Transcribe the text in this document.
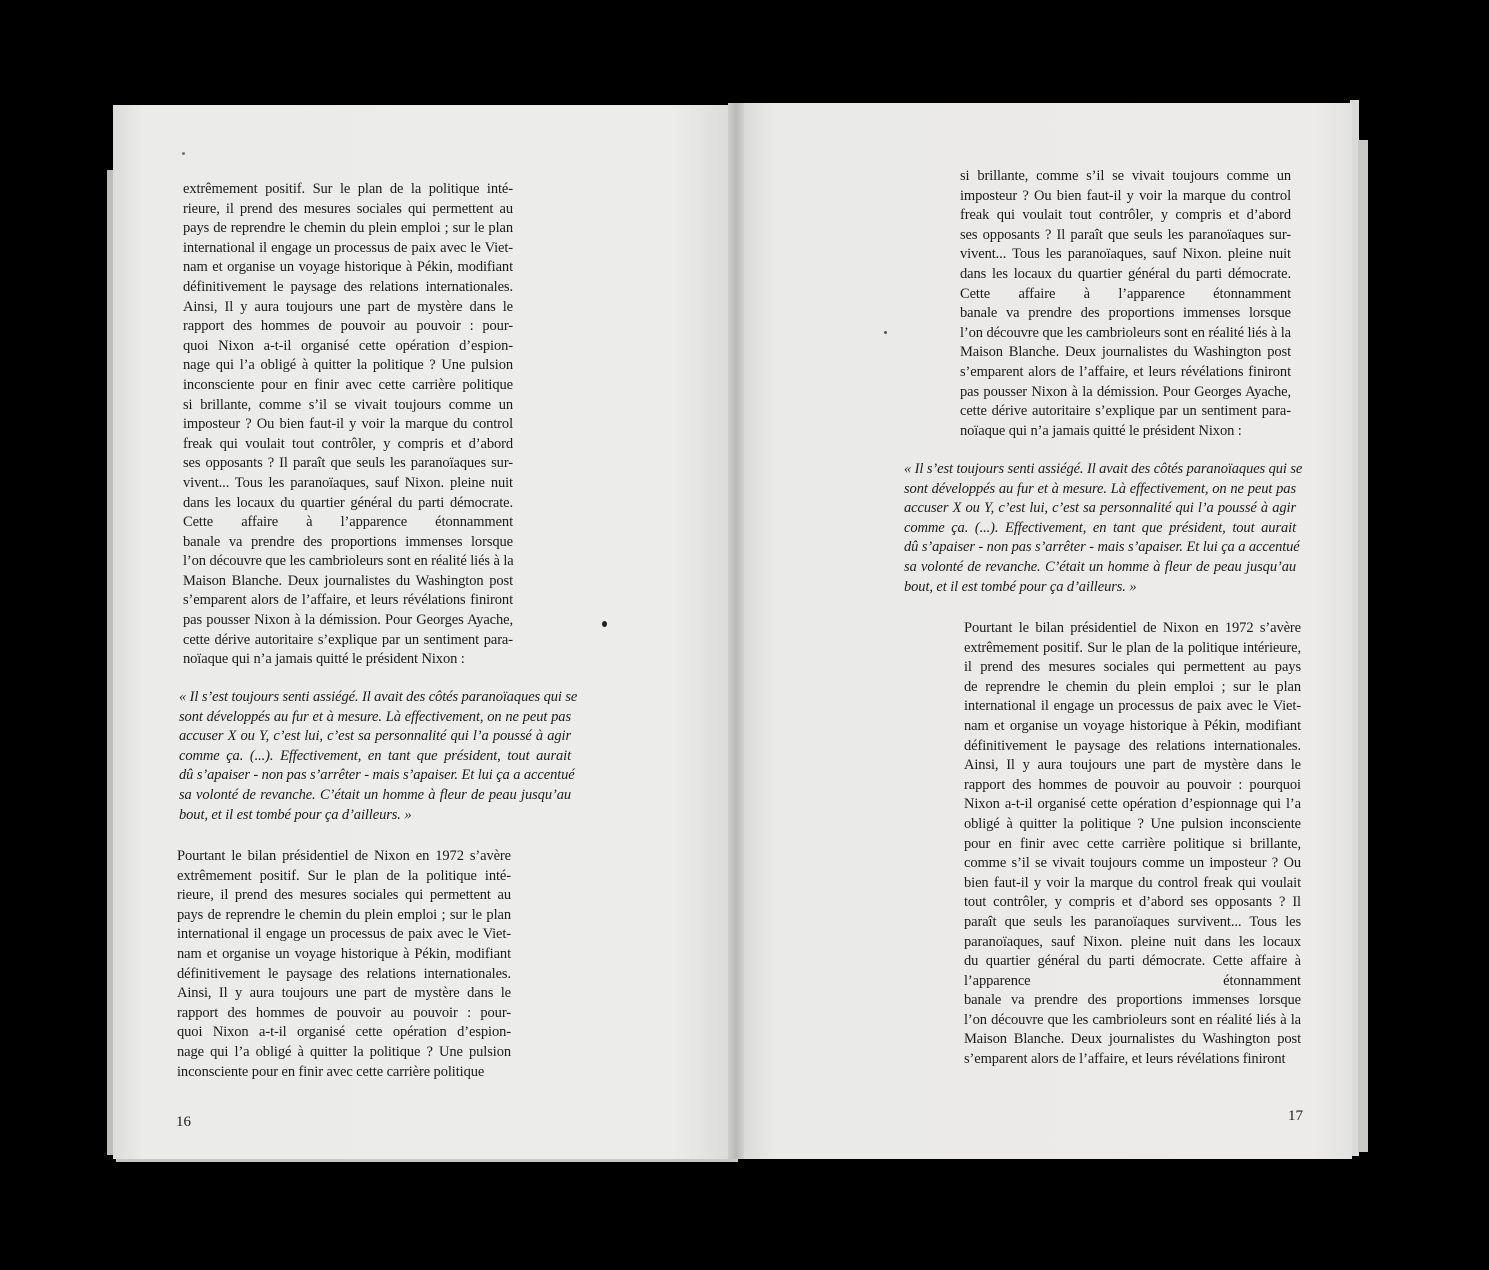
extrêmement positif. Sur le plan de la politique inté-

rieure, il prend des mesures sociales qui permettent au

pays de reprendre le chemin du plein emploi ; sur le plan

international il engage un processus de paix avec le Viet-

nam et organise un voyage historique à Pékin, modifiant

définitivement le paysage des relations internationales.

Ainsi, Il y aura toujours une part de mystère dans le

rapport des hommes de pouvoir au pouvoir : pour-

quoi Nixon a-t-il organisé cette opération d’espion-

nage qui l’a obligé à quitter la politique ? Une pulsion

inconsciente pour en finir avec cette carrière politique

si brillante, comme s’il se vivait toujours comme un

imposteur ? Ou bien faut-il y voir la marque du control

freak qui voulait tout contrôler, y compris et d’abord

ses opposants ? Il paraît que seuls les paranoïaques sur-

vivent... Tous les paranoïaques, sauf Nixon. pleine nuit

dans les locaux du quartier général du parti démocrate.

Cette affaire à l’apparence étonnamment

banale va prendre des proportions immenses lorsque

l’on découvre que les cambrioleurs sont en réalité liés à la

Maison Blanche. Deux journalistes du Washington post

s’emparent alors de l’affaire, et leurs révélations finiront

pas pousser Nixon à la démission. Pour Georges Ayache,

cette dérive autoritaire s’explique par un sentiment para-

noïaque qui n’a jamais quitté le président Nixon :

« Il s’est toujours senti assiégé. Il avait des côtés paranoïaques qui se

sont développés au fur et à mesure. Là effectivement, on ne peut pas

accuser X ou Y, c’est lui, c’est sa personnalité qui l’a poussé à agir

comme ça. (...). Effectivement, en tant que président, tout aurait

dû s’apaiser - non pas s’arrêter - mais s’apaiser. Et lui ça a accentué

sa volonté de revanche. C’était un homme à fleur de peau jusqu’au

bout, et il est tombé pour ça d’ailleurs. »

Pourtant le bilan présidentiel de Nixon en 1972 s’avère

extrêmement positif. Sur le plan de la politique inté-

rieure, il prend des mesures sociales qui permettent au

pays de reprendre le chemin du plein emploi ; sur le plan

international il engage un processus de paix avec le Viet-

nam et organise un voyage historique à Pékin, modifiant

définitivement le paysage des relations internationales.

Ainsi, Il y aura toujours une part de mystère dans le

rapport des hommes de pouvoir au pouvoir : pour-

quoi Nixon a-t-il organisé cette opération d’espion-

nage qui l’a obligé à quitter la politique ? Une pulsion

inconsciente pour en finir avec cette carrière politique

16

si brillante, comme s’il se vivait toujours comme un

imposteur ? Ou bien faut-il y voir la marque du control

freak qui voulait tout contrôler, y compris et d’abord

ses opposants ? Il paraît que seuls les paranoïaques sur-

vivent... Tous les paranoïaques, sauf Nixon. pleine nuit

dans les locaux du quartier général du parti démocrate.

Cette affaire à l’apparence étonnamment

banale va prendre des proportions immenses lorsque

l’on découvre que les cambrioleurs sont en réalité liés à la

Maison Blanche. Deux journalistes du Washington post

s’emparent alors de l’affaire, et leurs révélations finiront

pas pousser Nixon à la démission. Pour Georges Ayache,

cette dérive autoritaire s’explique par un sentiment para-

noïaque qui n’a jamais quitté le président Nixon :

« Il s’est toujours senti assiégé. Il avait des côtés paranoïaques qui se

sont développés au fur et à mesure. Là effectivement, on ne peut pas

accuser X ou Y, c’est lui, c’est sa personnalité qui l’a poussé à agir

comme ça. (...). Effectivement, en tant que président, tout aurait

dû s’apaiser - non pas s’arrêter - mais s’apaiser. Et lui ça a accentué

sa volonté de revanche. C’était un homme à fleur de peau jusqu’au

bout, et il est tombé pour ça d’ailleurs. »

Pourtant le bilan présidentiel de Nixon en 1972 s’avère

extrêmement positif. Sur le plan de la politique intérieure,

il prend des mesures sociales qui permettent au pays

de reprendre le chemin du plein emploi ; sur le plan

international il engage un processus de paix avec le Viet-

nam et organise un voyage historique à Pékin, modifiant

définitivement le paysage des relations internationales.

Ainsi, Il y aura toujours une part de mystère dans le

rapport des hommes de pouvoir au pouvoir : pourquoi

Nixon a-t-il organisé cette opération d’espionnage qui l’a

obligé à quitter la politique ? Une pulsion inconsciente

pour en finir avec cette carrière politique si brillante,

comme s’il se vivait toujours comme un imposteur ? Ou

bien faut-il y voir la marque du control freak qui voulait

tout contrôler, y compris et d’abord ses opposants ? Il

paraît que seuls les paranoïaques survivent... Tous les

paranoïaques, sauf Nixon. pleine nuit dans les locaux

du quartier général du parti démocrate. Cette affaire à

l’apparence étonnamment

banale va prendre des proportions immenses lorsque

l’on découvre que les cambrioleurs sont en réalité liés à la

Maison Blanche. Deux journalistes du Washington post

s’emparent alors de l’affaire, et leurs révélations finiront

17
